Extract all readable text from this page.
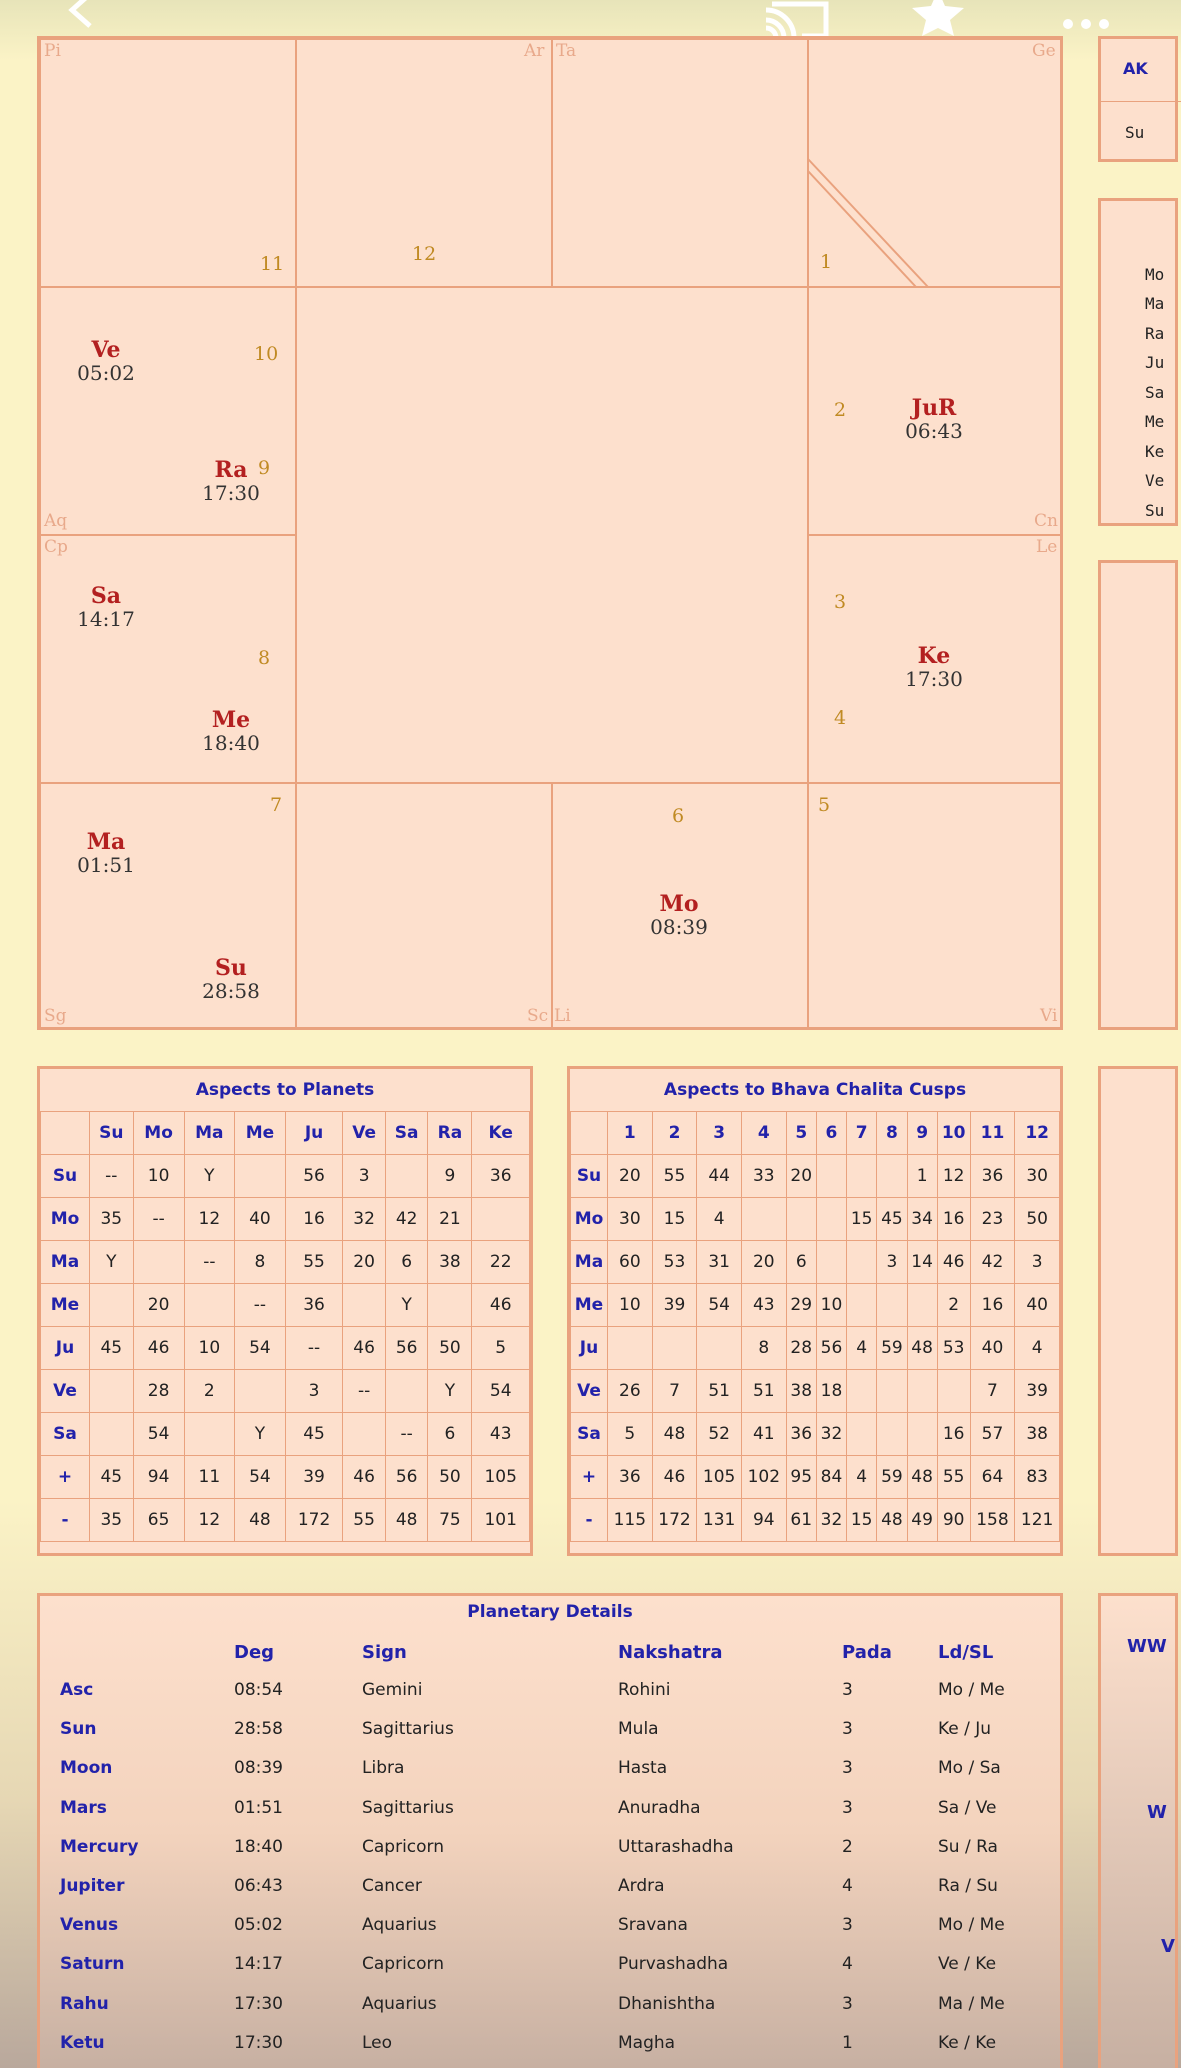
Pi	Ar Ta	Ge
Aq	Cn
Cp	Le
Sg	Sc Li	Vi
1
2
3
4
5
6
7
8
9
10
11	12
Ve
05:02
Ra
17:30
JuR
06:43
Sa
14:17
Me
18:40
Ke
17:30
Ma
01:51
Su
28:58
Mo
08:39
AK
Su
Mo
Ma
Ra
Ju
Sa
Me
Ke
Ve
Su
WW
W
V
Aspects to Planets
	Su	Mo	Ma	Me	Ju	Ve	Sa	Ra	Ke
Su	--	10	Y		56	3		9	36
Mo	35	--	12	40	16	32	42	21	
Ma	Y		--	8	55	20	6	38	22
Me		20		--	36		Y		46
Ju	45	46	10	54	--	46	56	50	5
Ve		28	2		3	--		Y	54
Sa		54		Y	45		--	6	43
+	45	94	11	54	39	46	56	50	105
-	35	65	12	48	172	55	48	75	101
Aspects to Bhava Chalita Cusps
	1	2	3	4	5	6	7	8	9	10	11	12
Su	20	55	44	33	20				1	12	36	30
Mo	30	15	4				15	45	34	16	23	50
Ma	60	53	31	20	6			3	14	46	42	3
Me	10	39	54	43	29	10				2	16	40
Ju				8	28	56	4	59	48	53	40	4
Ve	26	7	51	51	38	18					7	39
Sa	5	48	52	41	36	32				16	57	38
+	36	46	105	102	95	84	4	59	48	55	64	83
-	115	172	131	94	61	32	15	48	49	90	158	121
Planetary Details
Deg	Sign	Nakshatra	Pada	Ld/SL
Asc	08:54	Gemini	Rohini	3	Mo / Me
Sun	28:58	Sagittarius	Mula	3	Ke / Ju
Moon	08:39	Libra	Hasta	3	Mo / Sa
Mars	01:51	Sagittarius	Anuradha	3	Sa / Ve
Mercury	18:40	Capricorn	Uttarashadha	2	Su / Ra
Jupiter	06:43	Cancer	Ardra	4	Ra / Su
Venus	05:02	Aquarius	Sravana	3	Mo / Me
Saturn	14:17	Capricorn	Purvashadha	4	Ve / Ke
Rahu	17:30	Aquarius	Dhanishtha	3	Ma / Me
Ketu	17:30	Leo	Magha	1	Ke / Ke
